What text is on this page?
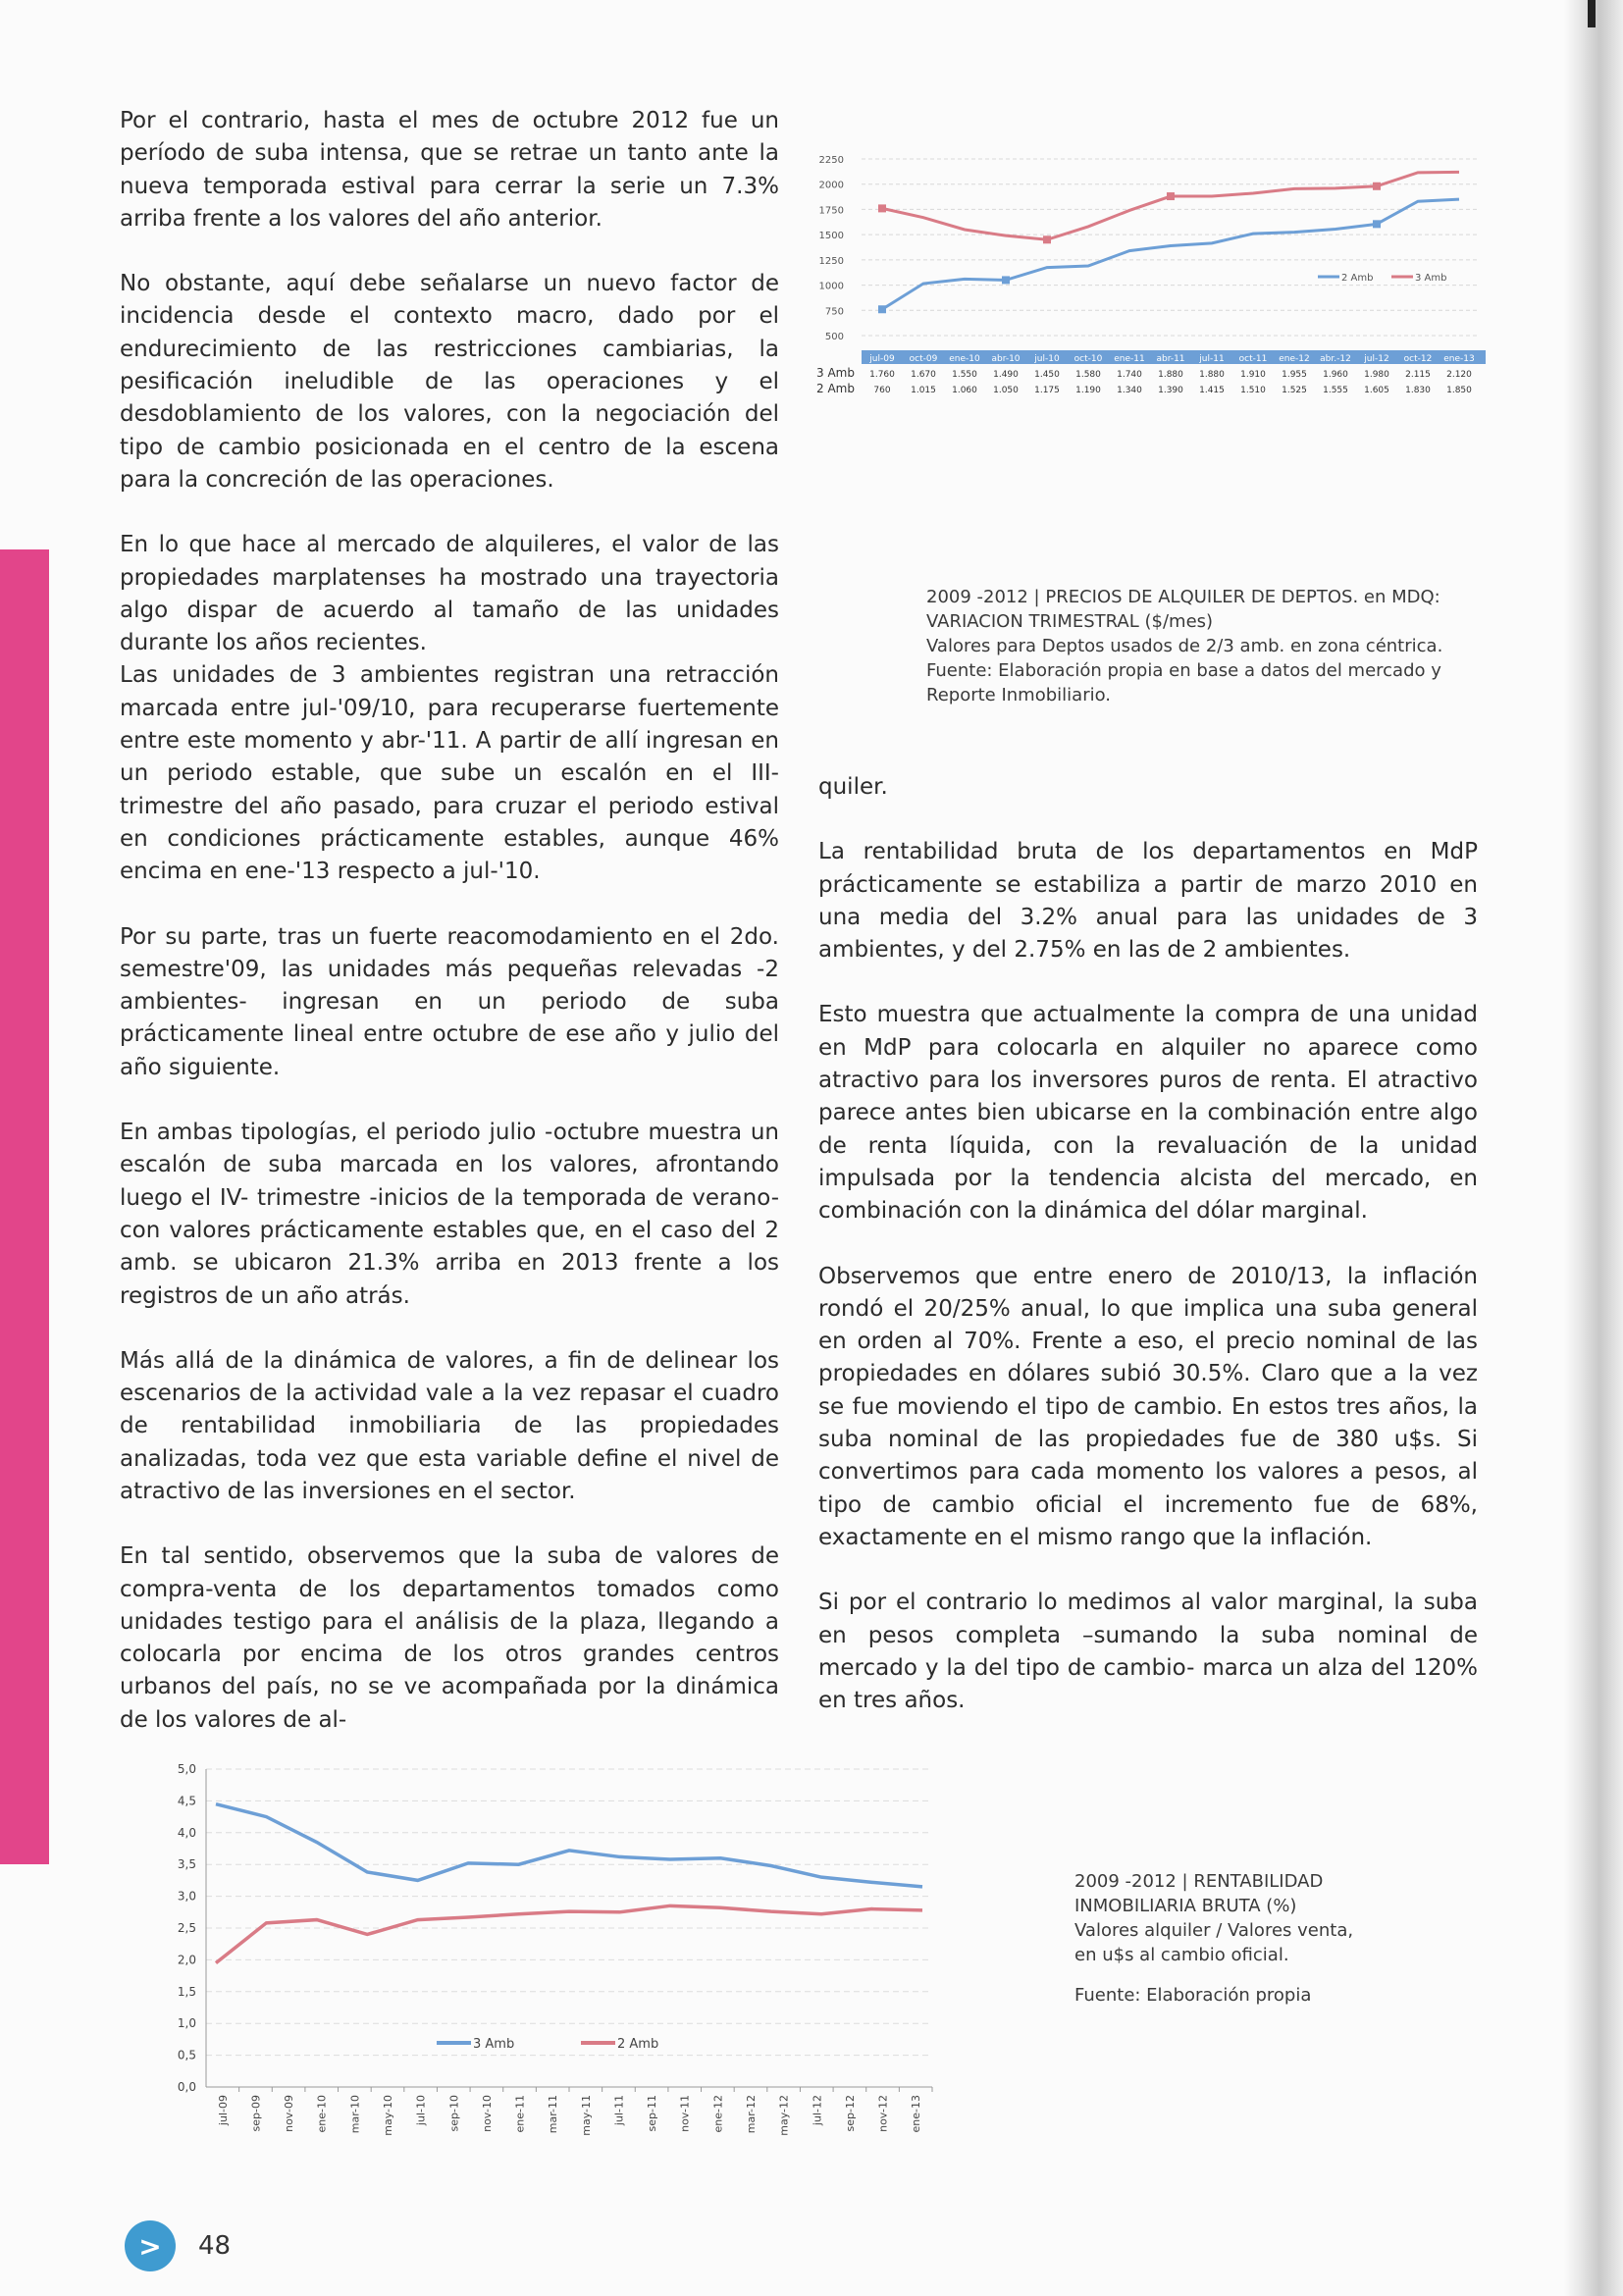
Por el contrario, hasta el mes de octubre 2012 fue un período de suba intensa, que se retrae un tanto ante la nueva temporada estival para cerrar la serie un 7.3% arriba frente a los valores del año anterior.

No obstante, aquí debe señalarse un nuevo factor de incidencia desde el contexto macro, dado por el endurecimiento de las restricciones cambiarias, la pesificación ineludible de las operaciones y el desdoblamiento de los valores, con la negociación del tipo de cambio posicionada en el centro de la escena para la concreción de las operaciones.

En lo que hace al mercado de alquileres, el valor de las propiedades marplatenses ha mostrado una trayectoria algo dispar de acuerdo al tamaño de las unidades durante los años recientes.

Las unidades de 3 ambientes registran una retracción marcada entre jul-'09/10, para recuperarse fuertemente entre este momento y abr-'11. A partir de allí ingresan en un periodo estable, que sube un escalón en el III-trimestre del año pasado, para cruzar el periodo estival en condiciones prácticamente estables, aunque 46% encima en ene-'13 respecto a jul-'10.

Por su parte, tras un fuerte reacomodamiento en el 2do. semestre'09, las unidades más pequeñas relevadas -2 ambientes- ingresan en un periodo de suba prácticamente lineal entre octubre de ese año y julio del año siguiente.

En ambas tipologías, el periodo julio -octubre muestra un escalón de suba marcada en los valores, afrontando luego el IV- trimestre -inicios de la temporada de verano- con valores prácticamente estables que, en el caso del 2 amb. se ubicaron 21.3% arriba en 2013 frente a los registros de un año atrás.

Más allá de la dinámica de valores, a fin de delinear los escenarios de la actividad vale a la vez repasar el cuadro de rentabilidad inmobiliaria de las propiedades analizadas, toda vez que esta variable define el nivel de atractivo de las inversiones en el sector.

En tal sentido, observemos que la suba de valores de compra-venta de los departamentos tomados como unidades testigo para el análisis de la plaza, llegando a colocarla por encima de los otros grandes centros urbanos del país, no se ve acompañada por la dinámica de los valores de al-

quiler.

La rentabilidad bruta de los departamentos en MdP prácticamente se estabiliza a partir de marzo 2010 en una media del 3.2% anual para las unidades de 3 ambientes, y del 2.75% en las de 2 ambientes.

Esto muestra que actualmente la compra de una unidad en MdP para colocarla en alquiler no aparece como atractivo para los inversores puros de renta. El atractivo parece antes bien ubicarse en la combinación entre algo de renta líquida, con la revaluación de la unidad impulsada por la tendencia alcista del mercado, en combinación con la dinámica del dólar marginal.

Observemos que entre enero de 2010/13, la inflación rondó el 20/25% anual, lo que implica una suba general en orden al 70%. Frente a eso, el precio nominal de las propiedades en dólares subió 30.5%. Claro que a la vez se fue moviendo el tipo de cambio. En estos tres años, la suba nominal de las propiedades fue de 380 u$s. Si convertimos para cada momento los valores a pesos, al tipo de cambio oficial el incremento fue de 68%, exactamente en el mismo rango que la inflación.

Si por el contrario lo medimos al valor marginal, la suba en pesos completa –sumando la suba nominal de mercado y la del tipo de cambio- marca un alza del 120% en tres años.

500
750
1000
1250
1500
1750
2000
2250
2 Amb	3 Amb
jul-09 oct-09 ene-10 abr-10 jul-10 oct-10 ene-11 abr-11 jul-11 oct-11 ene-12 abr.-12 jul-12 oct-12 ene-13
3 Amb 1.760 1.670 1.550 1.490 1.450 1.580 1.740 1.880 1.880 1.910 1.955 1.960 1.980 2.115 2.120
2 Amb 760 1.015 1.060 1.050 1.175 1.190 1.340 1.390 1.415 1.510 1.525 1.555 1.605 1.830 1.850
2009 -2012 | PRECIOS DE ALQUILER DE DEPTOS. en MDQ:
VARIACION TRIMESTRAL ($/mes)
Valores para Deptos usados de 2/3 amb. en zona céntrica.
Fuente: Elaboración propia en base a datos del mercado y
Reporte Inmobiliario.
0,0
0,5
1,0
1,5
2,0
2,5
3,0
3,5
4,0
4,5
5,0
jul-09 sep-09 nov-09 ene-10 mar-10 may-10 jul-10 sep-10 nov-10 ene-11 mar-11 may-11 jul-11 sep-11 nov-11 ene-12 mar-12 may-12 jul-12 sep-12 nov-12 ene-13
3 Amb	2 Amb
2009 -2012 | RENTABILIDAD
INMOBILIARIA BRUTA (%)
Valores alquiler / Valores venta,
en u$s al cambio oficial.
Fuente: Elaboración propia
> 48
